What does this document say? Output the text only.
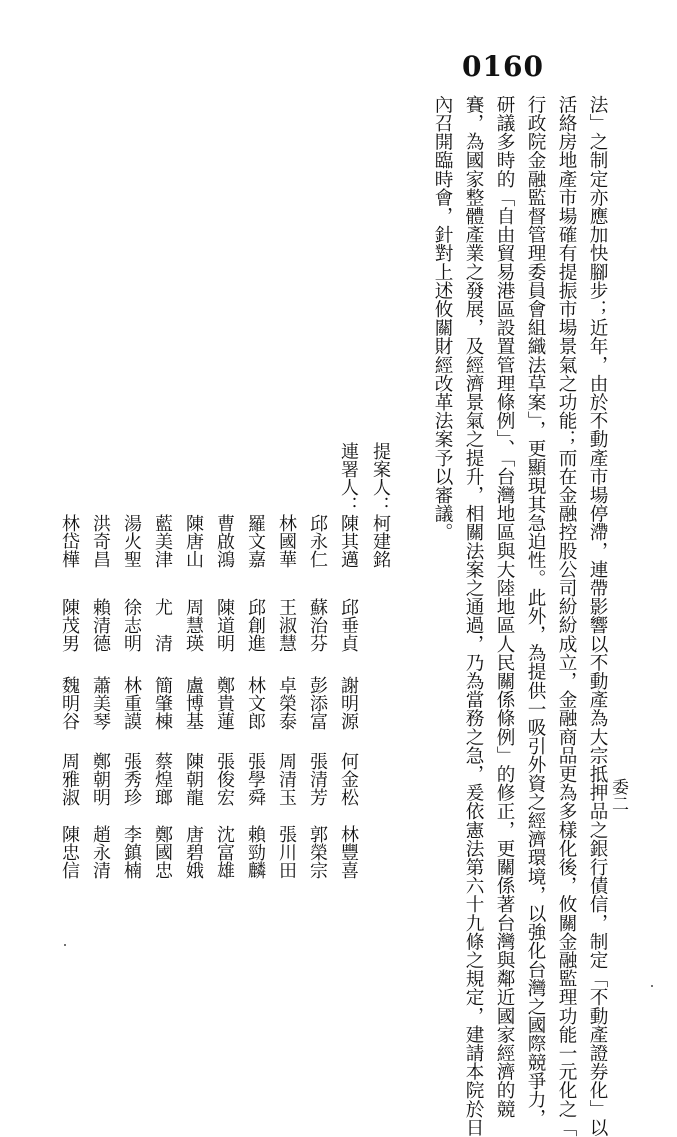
0160
委二
法」之制定亦應加快腳步；近年，由於不動產市場停滯，連帶影響以不動產為大宗抵押品之銀行債信，制定「不動產證券化」以
活絡房地產市場確有提振市場景氣之功能；而在金融控股公司紛紛成立，金融商品更為多樣化後，攸關金融監理功能一元化之「
行政院金融監督管理委員會組織法草案」，更顯現其急迫性。此外，為提供一吸引外資之經濟環境，以強化台灣之國際競爭力，
研議多時的「自由貿易港區設置管理條例」、「台灣地區與大陸地區人民關係條例」的修正，更關係著台灣與鄰近國家經濟的競
賽，為國家整體產業之發展，及經濟景氣之提升，相關法案之通過，乃為當務之急，爰依憲法第六十九條之規定，建請本院於日
內召開臨時會，針對上述攸關財經改革法案予以審議。
提案人：
柯建銘
連署人：
陳其邁
邱垂貞
謝明源
何金松
林豐喜
邱永仁
蘇治芬
彭添富
張清芳
郭榮宗
林國華
王淑慧
卓榮泰
周清玉
張川田
羅文嘉
邱創進
林文郎
張學舜
賴勁麟
曹啟鴻
陳道明
鄭貴蓮
張俊宏
沈富雄
陳唐山
周慧瑛
盧博基
陳朝龍
唐碧娥
藍美津
尤　清
簡肇棟
蔡煌瑯
鄭國忠
湯火聖
徐志明
林重謨
張秀珍
李鎮楠
洪奇昌
賴清德
蕭美琴
鄭朝明
趙永清
林岱樺
陳茂男
魏明谷
周雅淑
陳忠信
